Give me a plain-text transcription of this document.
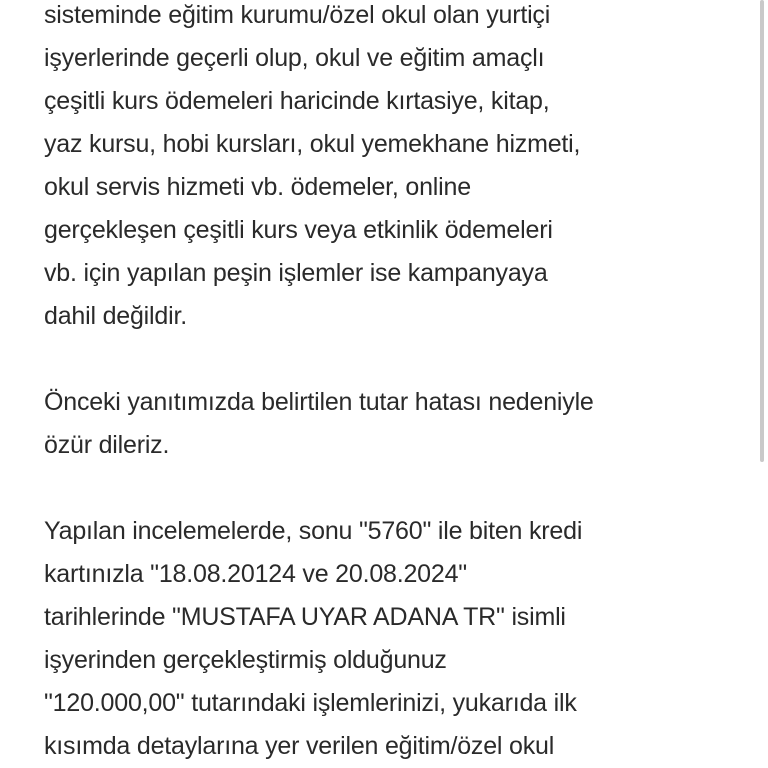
sisteminde eğitim kurumu/özel okul olan yurtiçi
işyerlerinde geçerli olup, okul ve eğitim amaçlı
çeşitli kurs ödemeleri haricinde kırtasiye, kitap,
yaz kursu, hobi kursları, okul yemekhane hizmeti,
okul servis hizmeti vb. ödemeler, online
gerçekleşen çeşitli kurs veya etkinlik ödemeleri
vb. için yapılan peşin işlemler ise kampanyaya
dahil değildir.

Önceki yanıtımızda belirtilen tutar hatası nedeniyle
özür dileriz.

Yapılan incelemelerde, sonu "5760" ile biten kredi
kartınızla "18.08.20124 ve 20.08.2024"
tarihlerinde "MUSTAFA UYAR ADANA TR" isimli
işyerinden gerçekleştirmiş olduğunuz
"120.000,00" tutarındaki işlemlerinizi, yukarıda ilk
kısımda detaylarına yer verilen eğitim/özel okul
